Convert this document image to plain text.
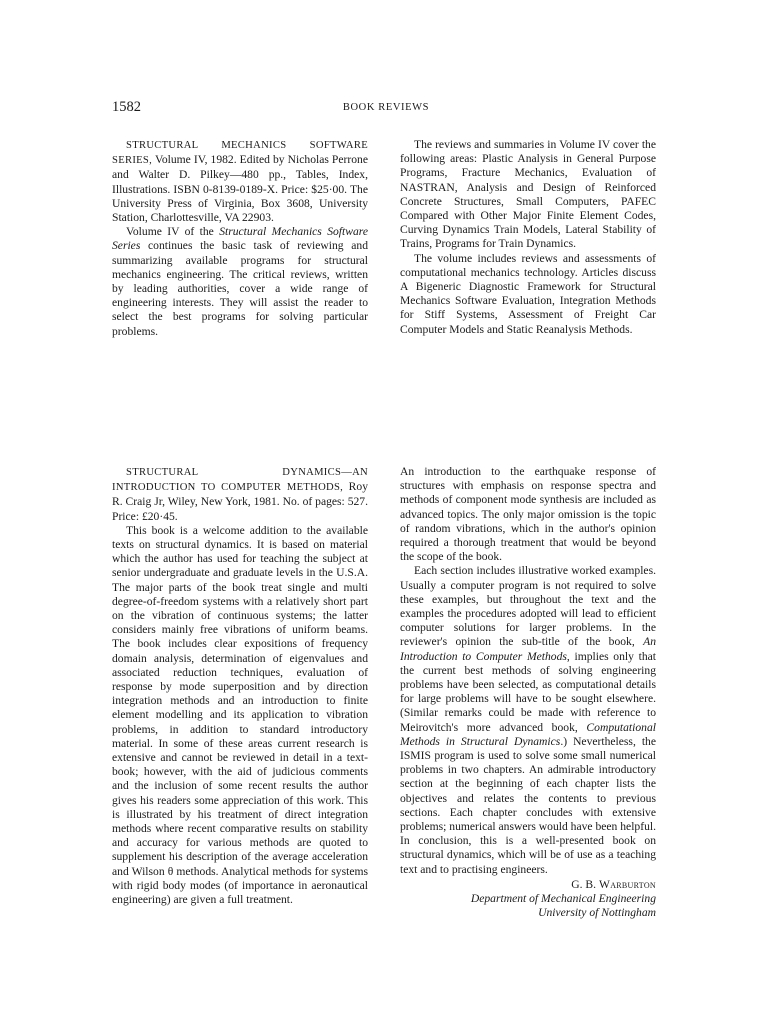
1582	BOOK REVIEWS

STRUCTURAL MECHANICS SOFTWARE SERIES, Volume IV, 1982. Edited by Nicholas Perrone and Walter D. Pilkey—480 pp., Tables, Index, Illustrations. ISBN 0-8139-0189-X. Price: $25·00. The University Press of Virginia, Box 3608, University Station, Charlottesville, VA 22903.

Volume IV of the Structural Mechanics Software Series continues the basic task of reviewing and summarizing available programs for structural mechanics engineering. The critical reviews, written by leading authorities, cover a wide range of engineering interests. They will assist the reader to select the best programs for solving particular problems.

The reviews and summaries in Volume IV cover the following areas: Plastic Analysis in General Purpose Programs, Fracture Mechanics, Evaluation of NASTRAN, Analysis and Design of Reinforced Concrete Structures, Small Computers, PAFEC Compared with Other Major Finite Element Codes, Curving Dynamics Train Models, Lateral Stability of Trains, Programs for Train Dynamics.

The volume includes reviews and assessments of computational mechanics technology. Articles discuss A Bigeneric Diagnostic Framework for Structural Mechanics Software Evaluation, Integration Methods for Stiff Systems, Assessment of Freight Car Computer Models and Static Reanalysis Methods.

STRUCTURAL DYNAMICS—AN INTRODUCTION TO COMPUTER METHODS, Roy R. Craig Jr, Wiley, New York, 1981. No. of pages: 527. Price: £20·45.

This book is a welcome addition to the available texts on structural dynamics. It is based on material which the author has used for teaching the subject at senior undergraduate and graduate levels in the U.S.A. The major parts of the book treat single and multi degree-of-freedom systems with a relatively short part on the vibration of continuous systems; the latter considers mainly free vibrations of uniform beams. The book includes clear expositions of frequency domain analysis, determination of eigenvalues and associated reduction techniques, evaluation of response by mode superposition and by direction integration methods and an introduction to finite element modelling and its application to vibration problems, in addition to standard introductory material. In some of these areas current research is extensive and cannot be reviewed in detail in a text-book; however, with the aid of judicious comments and the inclusion of some recent results the author gives his readers some appreciation of this work. This is illustrated by his treatment of direct integration methods where recent comparative results on stability and accuracy for various methods are quoted to supplement his description of the average acceleration and Wilson θ methods. Analytical methods for systems with rigid body modes (of importance in aeronautical engineering) are given a full treatment.

An introduction to the earthquake response of structures with emphasis on response spectra and methods of component mode synthesis are included as advanced topics. The only major omission is the topic of random vibrations, which in the author's opinion required a thorough treatment that would be beyond the scope of the book.

Each section includes illustrative worked examples. Usually a computer program is not required to solve these examples, but throughout the text and the examples the procedures adopted will lead to efficient computer solutions for larger problems. In the reviewer's opinion the sub-title of the book, An Introduction to Computer Methods, implies only that the current best methods of solving engineering problems have been selected, as computational details for large problems will have to be sought elsewhere. (Similar remarks could be made with reference to Meirovitch's more advanced book, Computational Methods in Structural Dynamics.) Nevertheless, the ISMIS program is used to solve some small numerical problems in two chapters. An admirable introductory section at the beginning of each chapter lists the objectives and relates the contents to previous sections. Each chapter concludes with extensive problems; numerical answers would have been helpful. In conclusion, this is a well-presented book on structural dynamics, which will be of use as a teaching text and to practising engineers.

G. B. Warburton

Department of Mechanical Engineering

University of Nottingham
